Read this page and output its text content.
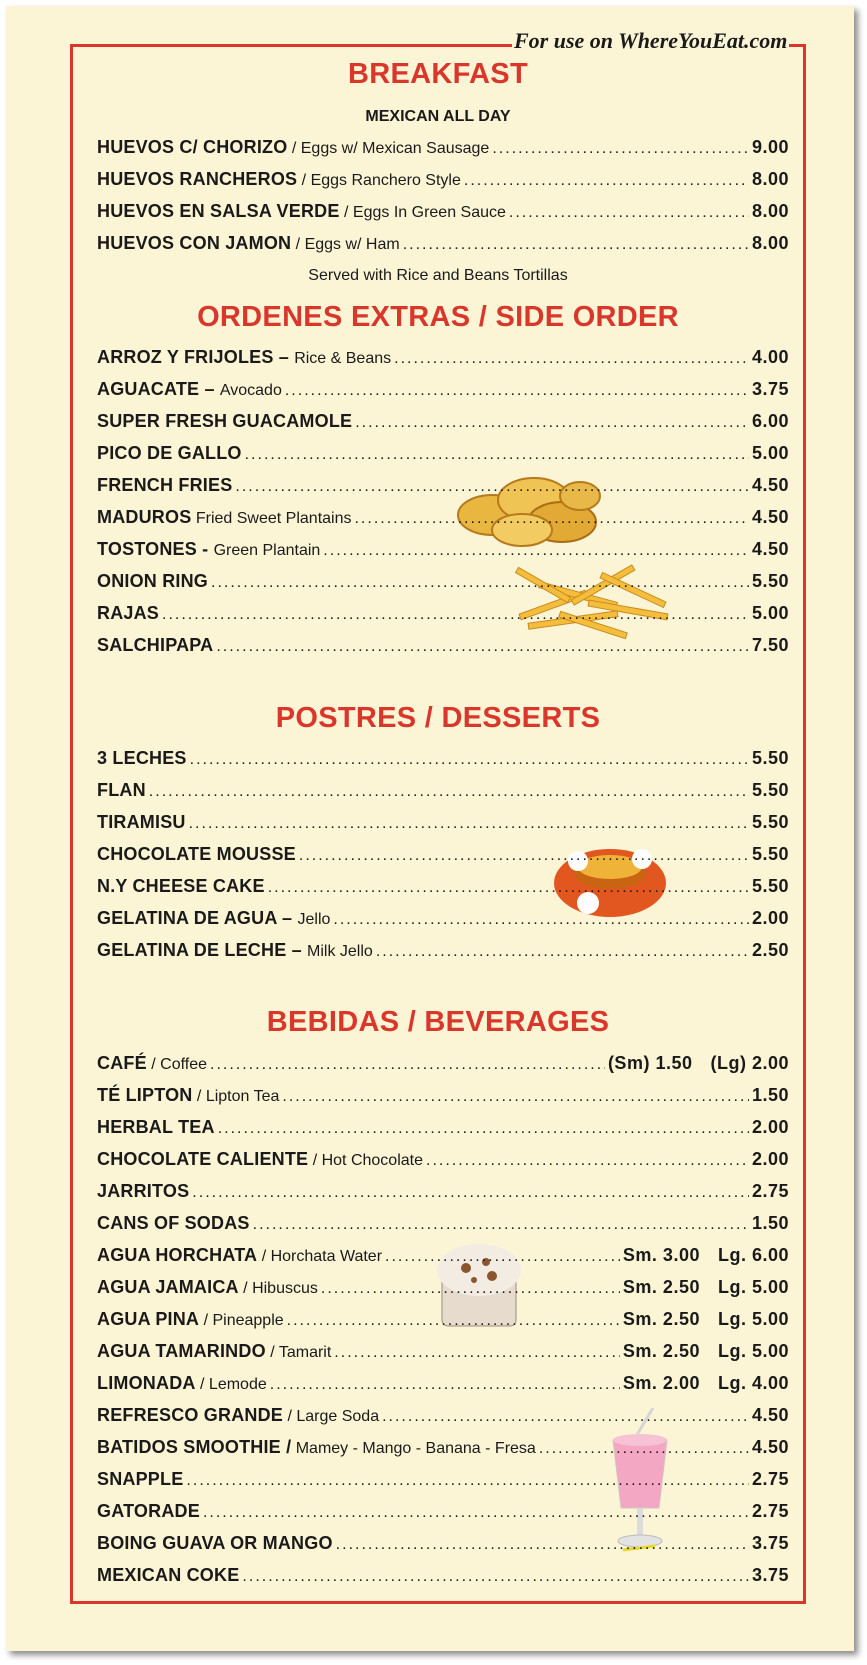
For use on WhereYouEat.com
BREAKFAST
MEXICAN ALL DAY
Served with Rice and Beans Tortillas
ORDENES EXTRAS / SIDE ORDER
POSTRES / DESSERTS
BEBIDAS / BEVERAGES
HUEVOS C/ CHORIZO / Eggs w/ Mexican Sausage .....	9.00
HUEVOS RANCHEROS / Eggs Ranchero Style .....	8.00
HUEVOS EN SALSA VERDE / Eggs In Green Sauce .....	8.00
HUEVOS CON JAMON / Eggs w/ Ham .....	8.00
ARROZ Y FRIJOLES – Rice & Beans .....	4.00
AGUACATE – Avocado .....	3.75
SUPER FRESH GUACAMOLE .....	6.00
PICO DE GALLO .....	5.00
FRENCH FRIES .....	4.50
MADUROS Fried Sweet Plantains .....	4.50
TOSTONES - Green Plantain .....	4.50
ONION RING .....	5.50
RAJAS .....	5.00
SALCHIPAPA .....	7.50
3 LECHES .....	5.50
FLAN .....	5.50
TIRAMISU .....	5.50
CHOCOLATE MOUSSE .....	5.50
N.Y CHEESE CAKE .....	5.50
GELATINA DE AGUA – Jello .....	2.00
GELATINA DE LECHE – Milk Jello .....	2.50
CAFÉ / Coffee .....	(Sm) 1.50 (Lg) 2.00
TÉ LIPTON / Lipton Tea .....	1.50
HERBAL TEA .....	2.00
CHOCOLATE CALIENTE / Hot Chocolate .....	2.00
JARRITOS .....	2.75
CANS OF SODAS .....	1.50
AGUA HORCHATA / Horchata Water .....	Sm. 3.00 Lg. 6.00
AGUA JAMAICA / Hibuscus .....	Sm. 2.50 Lg. 5.00
AGUA PINA / Pineapple .....	Sm. 2.50 Lg. 5.00
AGUA TAMARINDO / Tamarit .....	Sm. 2.50 Lg. 5.00
LIMONADA / Lemode .....	Sm. 2.00 Lg. 4.00
REFRESCO GRANDE / Large Soda .....	4.50
BATIDOS SMOOTHIE / Mamey - Mango - Banana - Fresa .....	4.50
SNAPPLE .....	2.75
GATORADE .....	2.75
BOING GUAVA OR MANGO .....	3.75
MEXICAN COKE .....	3.75
